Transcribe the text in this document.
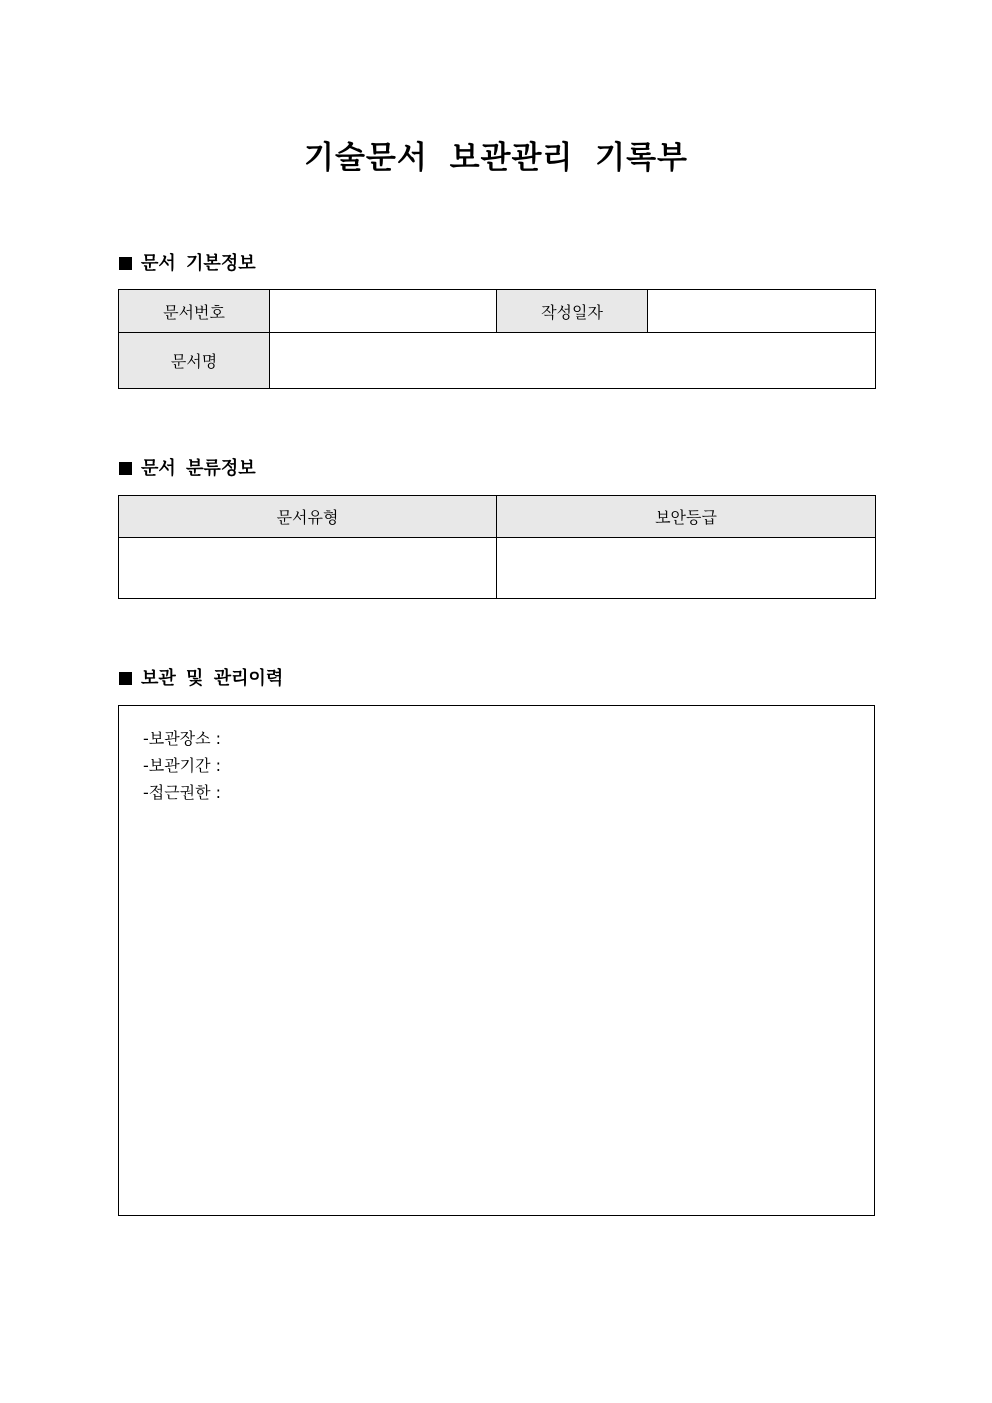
기술문서 보관관리 기록부
문서 기본정보
문서번호		작성일자	
문서명			
문서 분류정보
문서유형	보안등급

보관 및 관리이력
-보관장소 :
-보관기간 :
-접근권한 :
